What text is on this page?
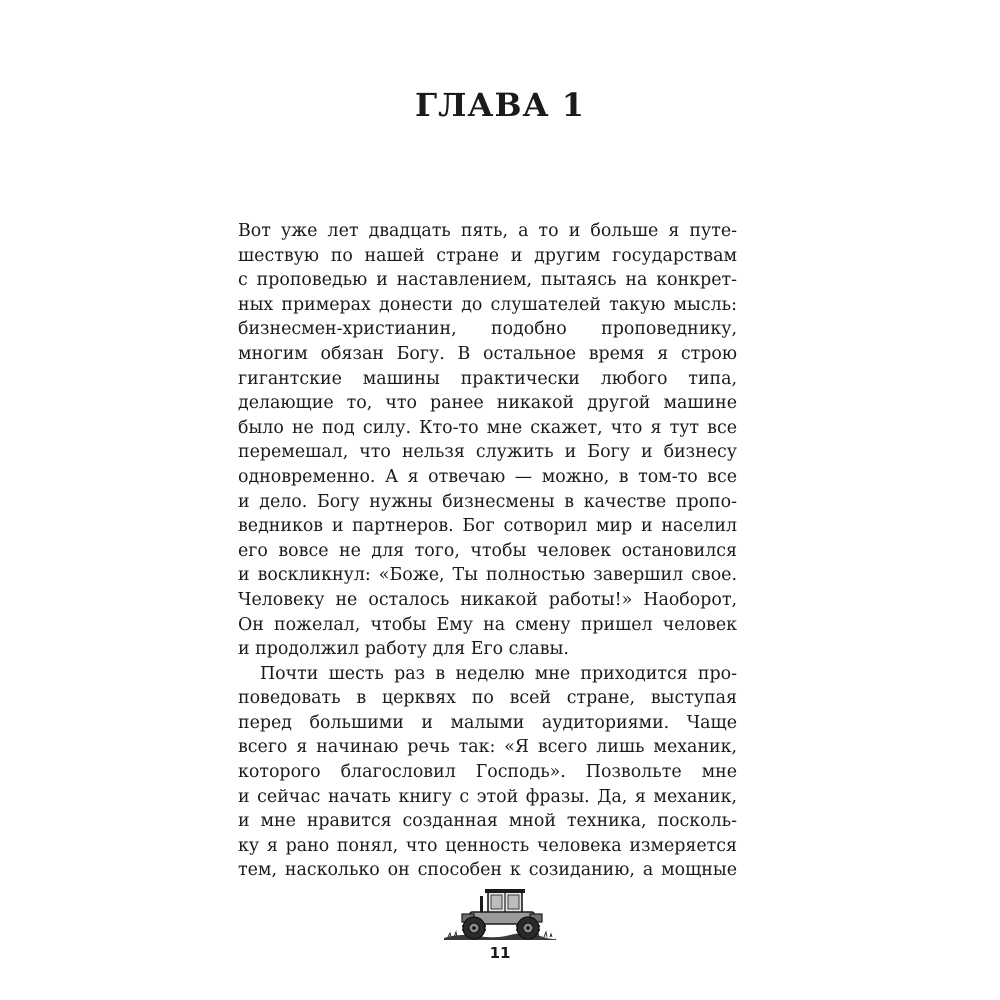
ГЛАВА 1
Вот уже лет двадцать пять, а то и больше я путе-
шествую по нашей стране и другим государствам
с проповедью и наставлением, пытаясь на конкрет-
ных примерах донести до слушателей такую мысль:
бизнесмен-христианин, подобно проповеднику,
многим обязан Богу. В остальное время я строю
гигантские машины практически любого типа,
делающие то, что ранее никакой другой машине
было не под силу. Кто-то мне скажет, что я тут все
перемешал, что нельзя служить и Богу и бизнесу
одновременно. А я отвечаю — можно, в том-то все
и дело. Богу нужны бизнесмены в качестве пропо-
ведников и партнеров. Бог сотворил мир и населил
его вовсе не для того, чтобы человек остановился
и воскликнул: «Боже, Ты полностью завершил свое.
Человеку не осталось никакой работы!» Наоборот,
Он пожелал, чтобы Ему на смену пришел человек
и продолжил работу для Его славы.
Почти шесть раз в неделю мне приходится про-
поведовать в церквях по всей стране, выступая
перед большими и малыми аудиториями. Чаще
всего я начинаю речь так: «Я всего лишь механик,
которого благословил Господь». Позвольте мне
и сейчас начать книгу с этой фразы. Да, я механик,
и мне нравится созданная мной техника, посколь-
ку я рано понял, что ценность человека измеряется
тем, насколько он способен к созиданию, а мощные
11
